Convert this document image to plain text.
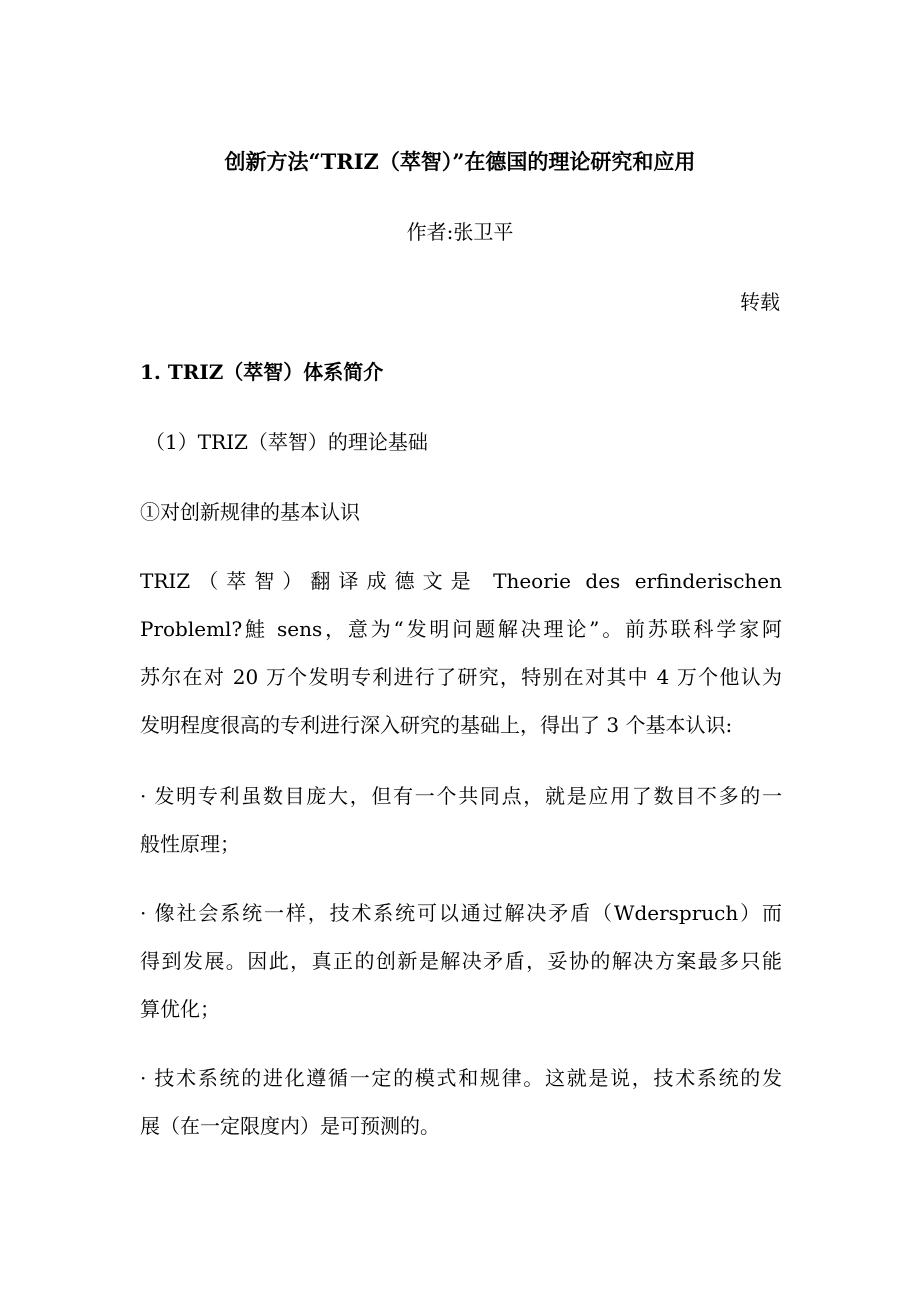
创新方法“TRIZ（萃智）”在德国的理论研究和应用
作者:张卫平
转载
1. TRIZ（萃智）体系简介
（1）TRIZ（萃智）的理论基础
①对创新规律的基本认识
TRIZ（萃智）翻译成德文是 Theorie des erfinderischen
Probleml?鮭 sens，意为“发明问题解决理论”。前苏联科学家阿
苏尔在对 20 万个发明专利进行了研究，特别在对其中 4 万个他认为
发明程度很高的专利进行深入研究的基础上，得出了 3 个基本认识:
· 发明专利虽数目庞大，但有一个共同点，就是应用了数目不多的一
般性原理；
· 像社会系统一样，技术系统可以通过解决矛盾（Wderspruch）而
得到发展。因此，真正的创新是解决矛盾，妥协的解决方案最多只能
算优化；
· 技术系统的进化遵循一定的模式和规律。这就是说，技术系统的发
展（在一定限度内）是可预测的。
